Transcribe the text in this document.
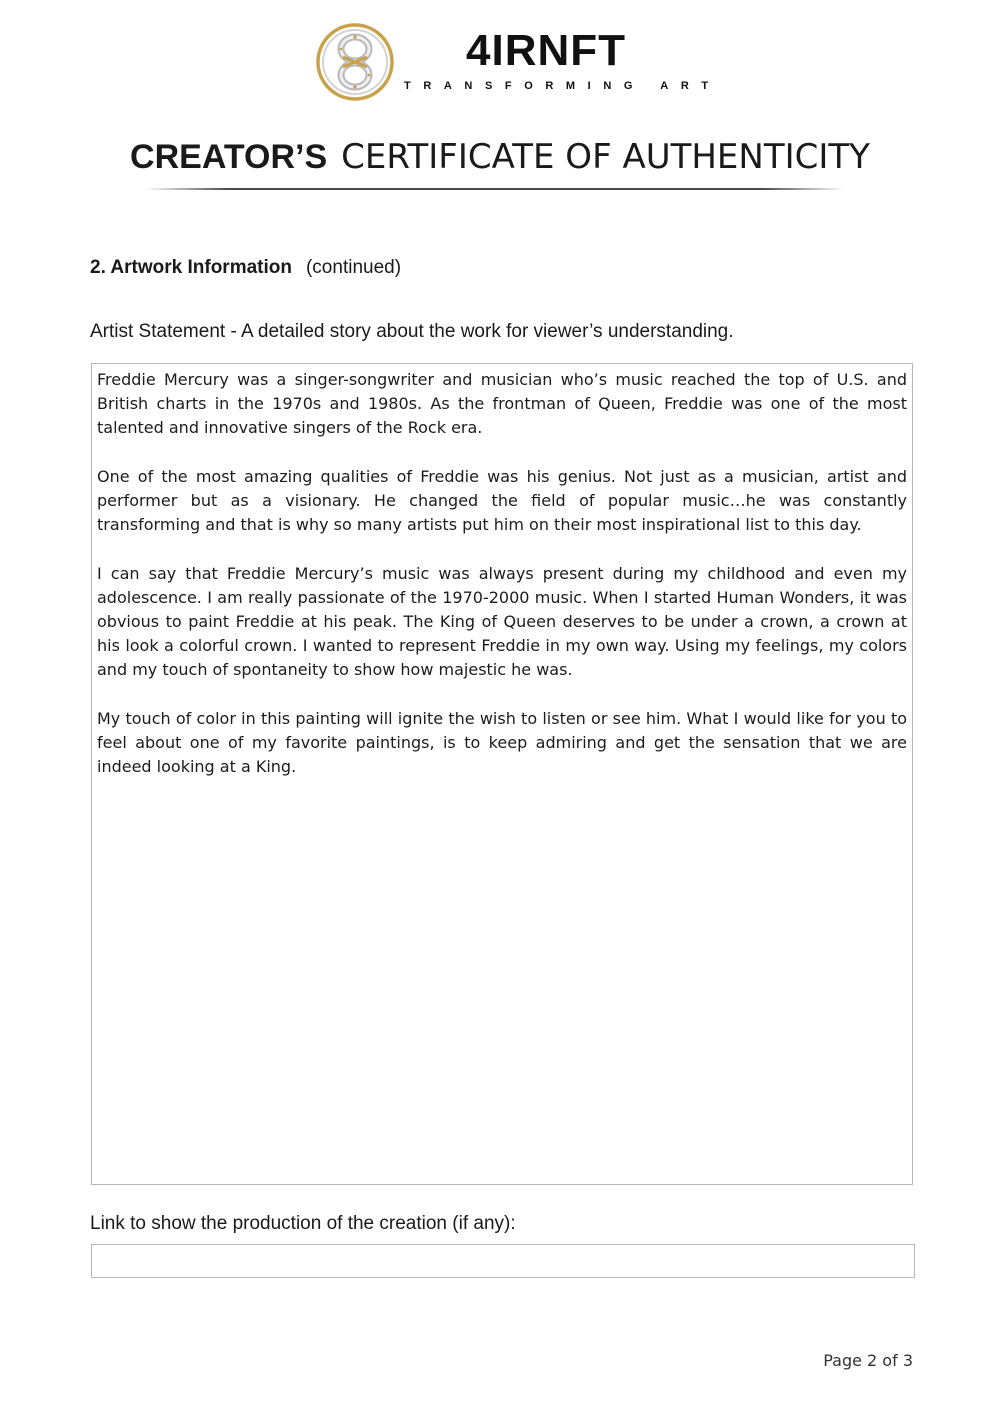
4IRNFT
TRANSFORMING ART
CREATOR’S CERTIFICATE OF AUTHENTICITY
2. Artwork Information (continued)
Artist Statement - A detailed story about the work for viewer’s understanding.

Freddie Mercury was a singer-songwriter and musician who’s music reached the top of U.S. and British charts in the 1970s and 1980s. As the frontman of Queen, Freddie was one of the most talented and innovative singers of the Rock era.

One of the most amazing qualities of Freddie was his genius. Not just as a musician, artist and performer but as a visionary. He changed the field of popular music…he was constantly transforming and that is why so many artists put him on their most inspirational list to this day.

I can say that Freddie Mercury’s music was always present during my childhood and even my adolescence. I am really passionate of the 1970-2000 music. When I started Human Wonders, it was obvious to paint Freddie at his peak. The King of Queen deserves to be under a crown, a crown at his look a colorful crown. I wanted to represent Freddie in my own way. Using my feelings, my colors and my touch of spontaneity to show how majestic he was.

My touch of color in this painting will ignite the wish to listen or see him. What I would like for you to feel about one of my favorite paintings, is to keep admiring and get the sensation that we are indeed looking at a King.

Link to show the production of the creation (if any):
Page 2 of 3
